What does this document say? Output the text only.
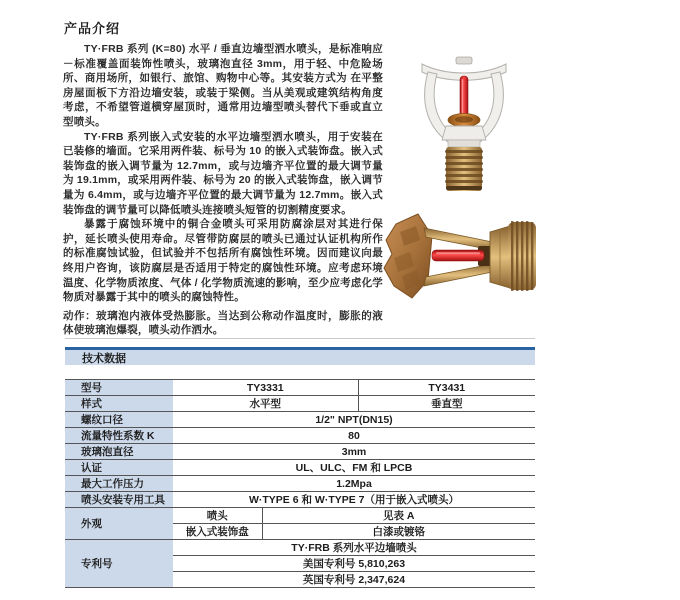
产品介绍

TY·FRB 系列 (K=80) 水平 / 垂直边墙型洒水喷头，是标准响应－标准覆盖面装饰性喷头，玻璃泡直径 3mm，用于轻、中危险场所、商用场所，如银行、旅馆、购物中心等。其安装方式为 在平整房屋面板下方沿边墙安装，或装于梁侧。当从美观或建筑结构角度考虑，不希望管道横穿屋顶时，通常用边墙型喷头替代下垂或直立型喷头。

TY·FRB 系列嵌入式安装的水平边墙型洒水喷头，用于安装在已装修的墙面。它采用两件装、标号为 10 的嵌入式装饰盘。嵌入式装饰盘的嵌入调节量为 12.7mm，或与边墙齐平位置的最大调节量为 19.1mm，或采用两件装、标号为 20 的嵌入式装饰盘，嵌入调节量为 6.4mm，或与边墙齐平位置的最大调节量为 12.7mm。嵌入式装饰盘的调节量可以降低喷头连接喷头短管的切割精度要求。

暴露于腐蚀环境中的铜合金喷头可采用防腐涂层对其进行保护，延长喷头使用寿命。尽管带防腐层的喷头已通过认证机构所作的标准腐蚀试验，但试验并不包括所有腐蚀性环境。因而建议向最终用户咨询，该防腐层是否适用于特定的腐蚀性环境。应考虑环境温度、化学物质浓度、气体 / 化学物质流速的影响，至少应考虑化学物质对暴露于其中的喷头的腐蚀特性。

动作：玻璃泡内液体受热膨胀。当达到公称动作温度时，膨胀的液体使玻璃泡爆裂，喷头动作洒水。

技术数据
型号	TY3331		TY3431
样式	水平型		垂直型
螺纹口径	1/2" NPT(DN15)		
流量特性系数 K	80		
玻璃泡直径	3mm		
认证	UL、ULC、FM 和 LPCB		
最大工作压力	1.2Mpa		
喷头安装专用工具	W·TYPE 6 和 W·TYPE 7（用于嵌入式喷头）		
外观	喷头	见表 A	
	嵌入式装饰盘	白漆或镀铬	
专利号	TY·FRB 系列水平边墙喷头		
	美国专利号 5,810,263		
	英国专利号 2,347,624		
